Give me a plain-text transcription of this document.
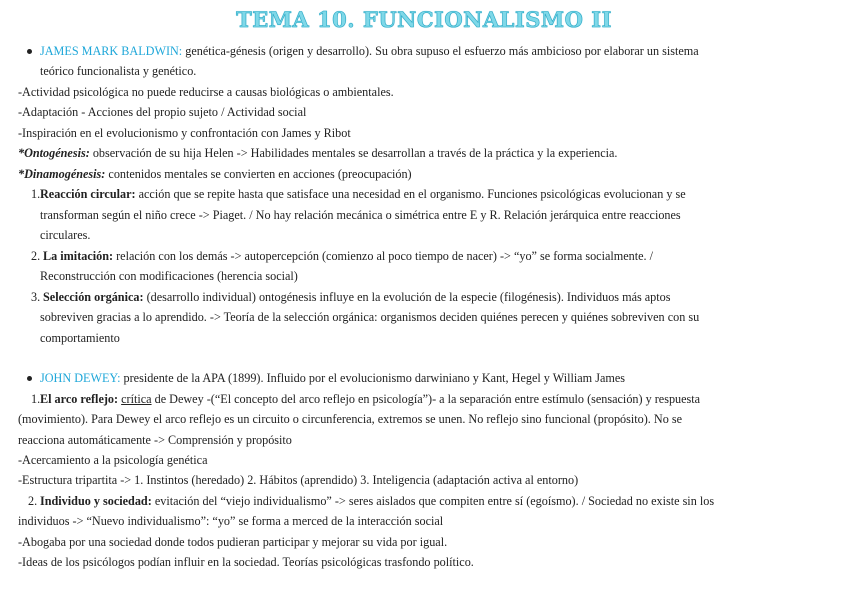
TEMA 10. FUNCIONALISMO II
JAMES MARK BALDWIN: genética-génesis (origen y desarrollo). Su obra supuso el esfuerzo más ambicioso por elaborar un sistema
teórico funcionalista y genético.
-Actividad psicológica no puede reducirse a causas biológicas o ambientales.
-Adaptación - Acciones del propio sujeto / Actividad social
-Inspiración en el evolucionismo y confrontación con James y Ribot
*Ontogénesis: observación de su hija Helen -> Habilidades mentales se desarrollan a través de la práctica y la experiencia.
*Dinamogénesis: contenidos mentales se convierten en acciones (preocupación)
1. Reacción circular: acción que se repite hasta que satisface una necesidad en el organismo. Funciones psicológicas evolucionan y se
transforman según el niño crece -> Piaget. / No hay relación mecánica o simétrica entre E y R. Relación jerárquica entre reacciones
circulares.
2. La imitación: relación con los demás -> autopercepción (comienzo al poco tiempo de nacer) -> “yo” se forma socialmente. /
Reconstrucción con modificaciones (herencia social)
3. Selección orgánica: (desarrollo individual) ontogénesis influye en la evolución de la especie (filogénesis). Individuos más aptos
sobreviven gracias a lo aprendido. -> Teoría de la selección orgánica: organismos deciden quiénes perecen y quiénes sobreviven con su
comportamiento
JOHN DEWEY: presidente de la APA (1899). Influido por el evolucionismo darwiniano y Kant, Hegel y William James
1. El arco reflejo: crítica de Dewey -(“El concepto del arco reflejo en psicología”)- a la separación entre estímulo (sensación) y respuesta
(movimiento). Para Dewey el arco reflejo es un circuito o circunferencia, extremos se unen. No reflejo sino funcional (propósito). No se
reacciona automáticamente -> Comprensión y propósito
-Acercamiento a la psicología genética
-Estructura tripartita -> 1. Instintos (heredado) 2. Hábitos (aprendido) 3. Inteligencia (adaptación activa al entorno)
2. Individuo y sociedad: evitación del “viejo individualismo” -> seres aislados que compiten entre sí (egoísmo). / Sociedad no existe sin los
individuos -> “Nuevo individualismo”: “yo” se forma a merced de la interacción social
-Abogaba por una sociedad donde todos pudieran participar y mejorar su vida por igual.
-Ideas de los psicólogos podían influir en la sociedad. Teorías psicológicas trasfondo político.
